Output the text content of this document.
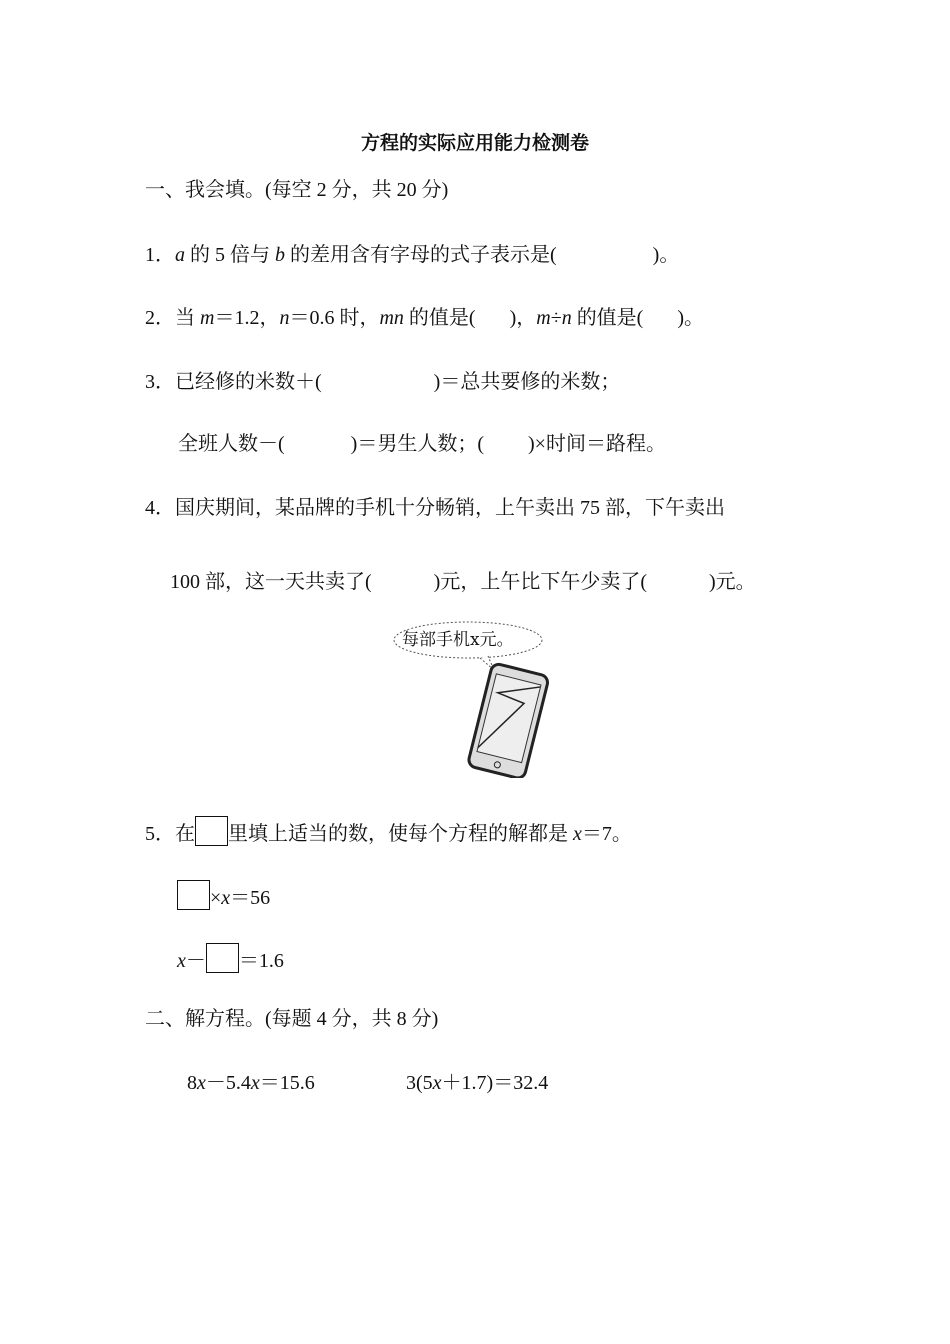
方程的实际应用能力检测卷
一、我会填。(每空 2 分，共 20 分)
1．a 的 5 倍与 b 的差用含有字母的式子表示是(	)。
2．当 m＝1.2，n＝0.6 时，mn 的值是( )，m÷n 的值是( )。
3．已经修的米数＋(	)＝总共要修的米数；
全班人数－(	)＝男生人数；( )×时间＝路程。
4．国庆期间，某品牌的手机十分畅销，上午卖出 75 部，下午卖出
100 部，这一天共卖了(	)元，上午比下午少卖了(	)元。
每部手机x元。
5．在 里填上适当的数，使每个方程的解都是 x＝7。
×x＝56
x－ ＝1.6
二、解方程。(每题 4 分，共 8 分)
8x－5.4x＝15.6	3(5x＋1.7)＝32.4
